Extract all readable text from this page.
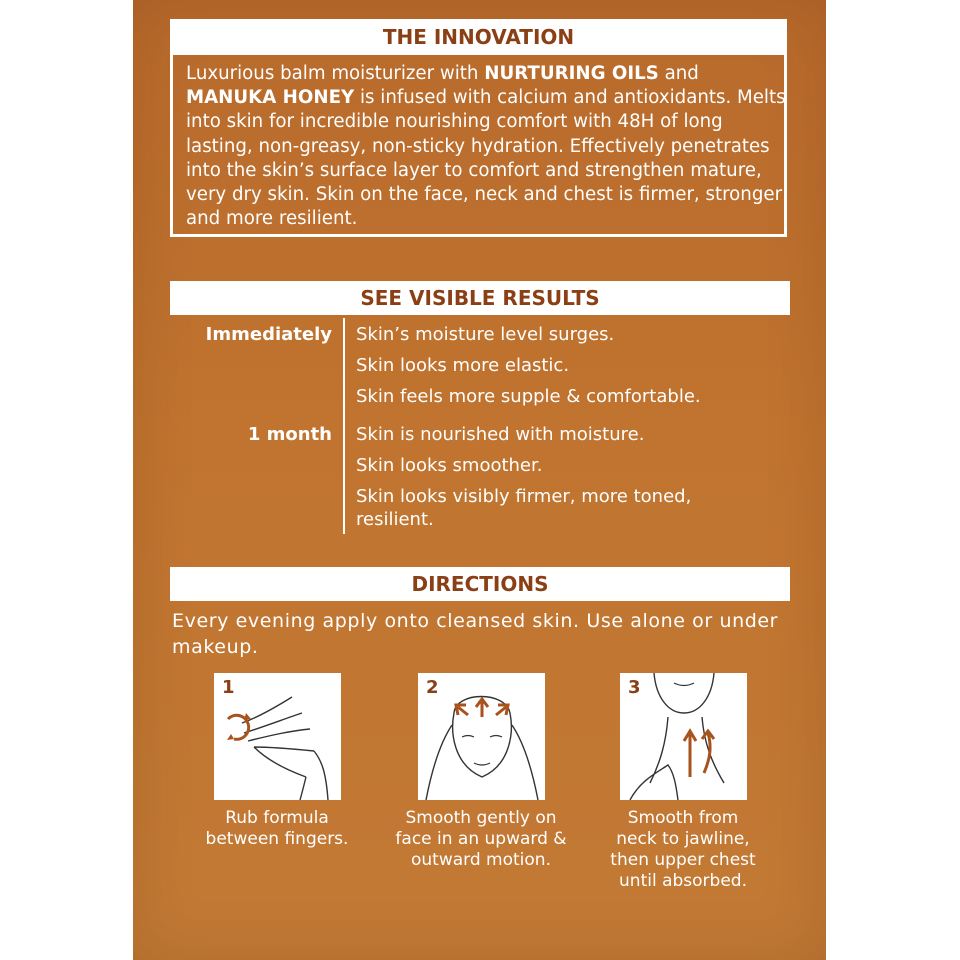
THE INNOVATION
Luxurious balm moisturizer with NURTURING OILS and MANUKA HONEY is infused with calcium and antioxidants. Melts into skin for incredible nourishing comfort with 48H of long lasting, non-greasy, non-sticky hydration. Effectively penetrates into the skin’s surface layer to comfort and strengthen mature, very dry skin. Skin on the face, neck and chest is firmer, stronger and more resilient.
SEE VISIBLE RESULTS
Immediately Skin’s moisture level surges.
Skin looks more elastic.
Skin feels more supple & comfortable.
1 month Skin is nourished with moisture.
Skin looks smoother.
Skin looks visibly firmer, more toned,
resilient.
DIRECTIONS
Every evening apply onto cleansed skin. Use alone or under makeup.
1
Rub formula
between fingers.
2
Smooth gently on
face in an upward &
outward motion.
3
Smooth from
neck to jawline,
then upper chest
until absorbed.
